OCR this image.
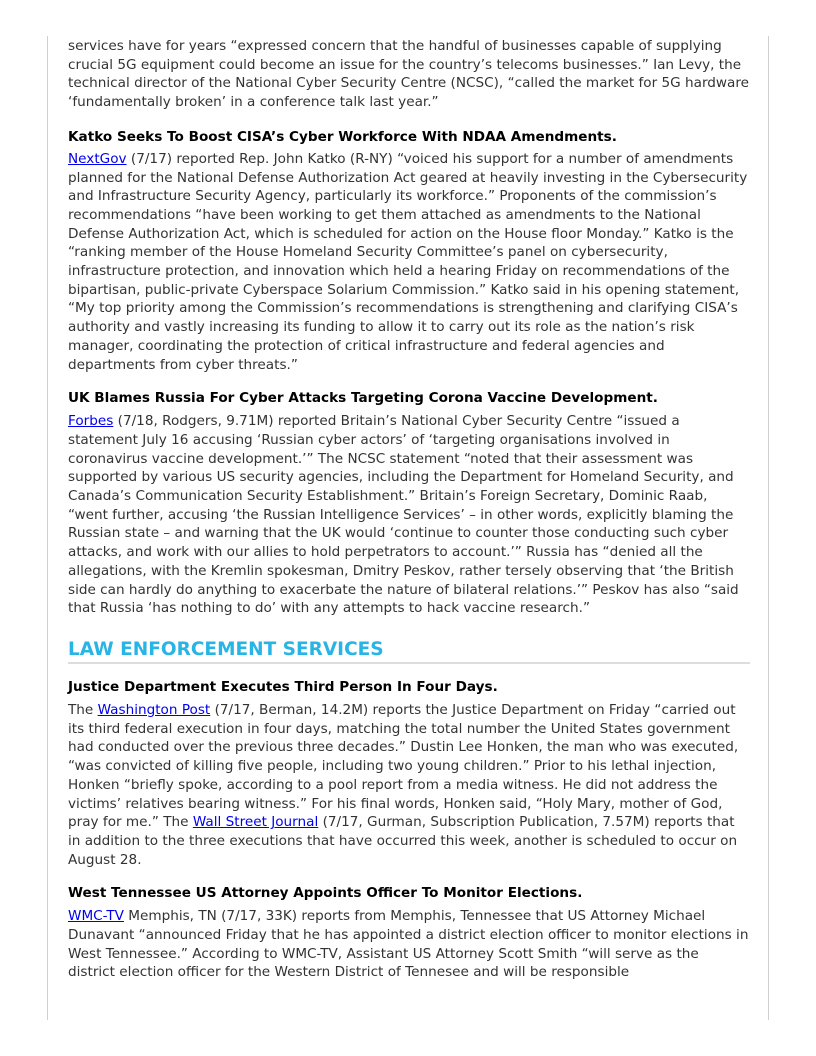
services have for years “expressed concern that the handful of businesses capable of supplying crucial 5G equipment could become an issue for the country’s telecoms businesses.” Ian Levy, the technical director of the National Cyber Security Centre (NCSC), “called the market for 5G hardware ‘fundamentally broken’ in a conference talk last year.”

Katko Seeks To Boost CISA’s Cyber Workforce With NDAA Amendments.

NextGov (7/17) reported Rep. John Katko (R-NY) “voiced his support for a number of amendments planned for the National Defense Authorization Act geared at heavily investing in the Cybersecurity and Infrastructure Security Agency, particularly its workforce.” Proponents of the commission’s recommendations “have been working to get them attached as amendments to the National Defense Authorization Act, which is scheduled for action on the House floor Monday.” Katko is the “ranking member of the House Homeland Security Committee’s panel on cybersecurity, infrastructure protection, and innovation which held a hearing Friday on recommendations of the bipartisan, public-private Cyberspace Solarium Commission.” Katko said in his opening statement, “My top priority among the Commission’s recommendations is strengthening and clarifying CISA’s authority and vastly increasing its funding to allow it to carry out its role as the nation’s risk manager, coordinating the protection of critical infrastructure and federal agencies and departments from cyber threats.”

UK Blames Russia For Cyber Attacks Targeting Corona Vaccine Development.

Forbes (7/18, Rodgers, 9.71M) reported Britain’s National Cyber Security Centre “issued a statement July 16 accusing ‘Russian cyber actors’ of ‘targeting organisations involved in coronavirus vaccine development.’” The NCSC statement “noted that their assessment was supported by various US security agencies, including the Department for Homeland Security, and Canada’s Communication Security Establishment.” Britain’s Foreign Secretary, Dominic Raab, “went further, accusing ‘the Russian Intelligence Services’ – in other words, explicitly blaming the Russian state – and warning that the UK would ‘continue to counter those conducting such cyber attacks, and work with our allies to hold perpetrators to account.’” Russia has “denied all the allegations, with the Kremlin spokesman, Dmitry Peskov, rather tersely observing that ‘the British side can hardly do anything to exacerbate the nature of bilateral relations.’” Peskov has also “said that Russia ‘has nothing to do’ with any attempts to hack vaccine research.”

LAW ENFORCEMENT SERVICES
Justice Department Executes Third Person In Four Days.

The Washington Post (7/17, Berman, 14.2M) reports the Justice Department on Friday “carried out its third federal execution in four days, matching the total number the United States government had conducted over the previous three decades.” Dustin Lee Honken, the man who was executed, “was convicted of killing five people, including two young children.” Prior to his lethal injection, Honken “briefly spoke, according to a pool report from a media witness. He did not address the victims’ relatives bearing witness.” For his final words, Honken said, “Holy Mary, mother of God, pray for me.” The Wall Street Journal (7/17, Gurman, Subscription Publication, 7.57M) reports that in addition to the three executions that have occurred this week, another is scheduled to occur on August 28.

West Tennessee US Attorney Appoints Officer To Monitor Elections.

WMC-TV Memphis, TN (7/17, 33K) reports from Memphis, Tennessee that US Attorney Michael Dunavant “announced Friday that he has appointed a district election officer to monitor elections in West Tennessee.” According to WMC-TV, Assistant US Attorney Scott Smith “will serve as the district election officer for the Western District of Tennesee and will be responsible
